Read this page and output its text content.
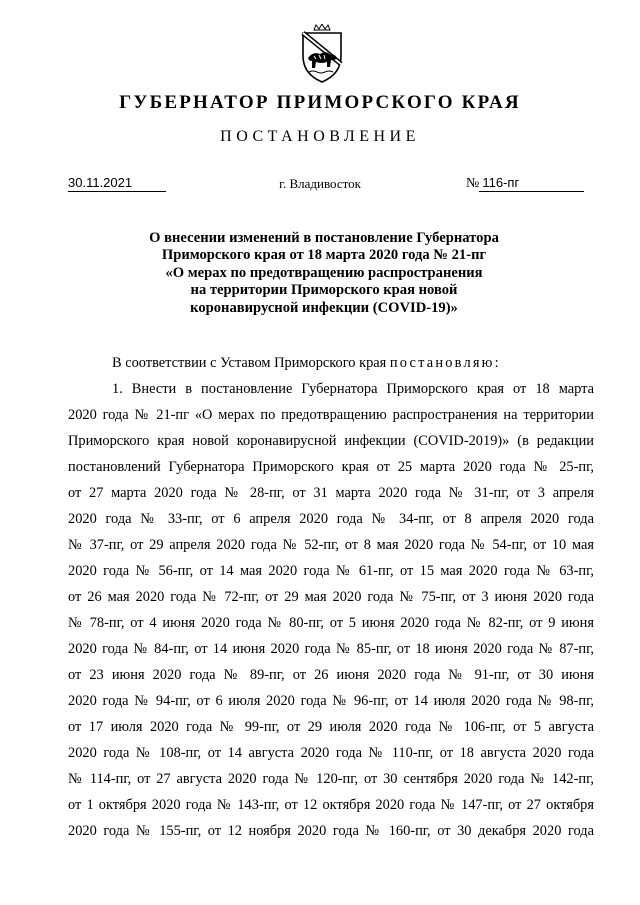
ГУБЕРНАТОР ПРИМОРСКОГО КРАЯ
ПОСТАНОВЛЕНИЕ
30.11.2021	г. Владивосток	№ 116-пг
О внесении изменений в постановление Губернатора
Приморского края от 18 марта 2020 года № 21-пг
«О мерах по предотвращению распространения
на территории Приморского края новой
коронавирусной инфекции (COVID-19)»
В соответствии с Уставом Приморского края постановляю:
1. Внести в постановление Губернатора Приморского края от 18 марта
2020 года № 21-пг «О мерах по предотвращению распространения на территории
Приморского края новой коронавирусной инфекции (COVID-2019)» (в редакции
постановлений Губернатора Приморского края от 25 марта 2020 года № 25-пг,
от 27 марта 2020 года № 28-пг, от 31 марта 2020 года № 31-пг, от 3 апреля
2020 года № 33-пг, от 6 апреля 2020 года № 34-пг, от 8 апреля 2020 года
№ 37-пг, от 29 апреля 2020 года № 52-пг, от 8 мая 2020 года № 54-пг, от 10 мая
2020 года № 56-пг, от 14 мая 2020 года № 61-пг, от 15 мая 2020 года № 63-пг,
от 26 мая 2020 года № 72-пг, от 29 мая 2020 года № 75-пг, от 3 июня 2020 года
№ 78-пг, от 4 июня 2020 года № 80-пг, от 5 июня 2020 года № 82-пг, от 9 июня
2020 года № 84-пг, от 14 июня 2020 года № 85-пг, от 18 июня 2020 года № 87-пг,
от 23 июня 2020 года № 89-пг, от 26 июня 2020 года № 91-пг, от 30 июня
2020 года № 94-пг, от 6 июля 2020 года № 96-пг, от 14 июля 2020 года № 98-пг,
от 17 июля 2020 года № 99-пг, от 29 июля 2020 года № 106-пг, от 5 августа
2020 года № 108-пг, от 14 августа 2020 года № 110-пг, от 18 августа 2020 года
№ 114-пг, от 27 августа 2020 года № 120-пг, от 30 сентября 2020 года № 142-пг,
от 1 октября 2020 года № 143-пг, от 12 октября 2020 года № 147-пг, от 27 октября
2020 года № 155-пг, от 12 ноября 2020 года № 160-пг, от 30 декабря 2020 года
